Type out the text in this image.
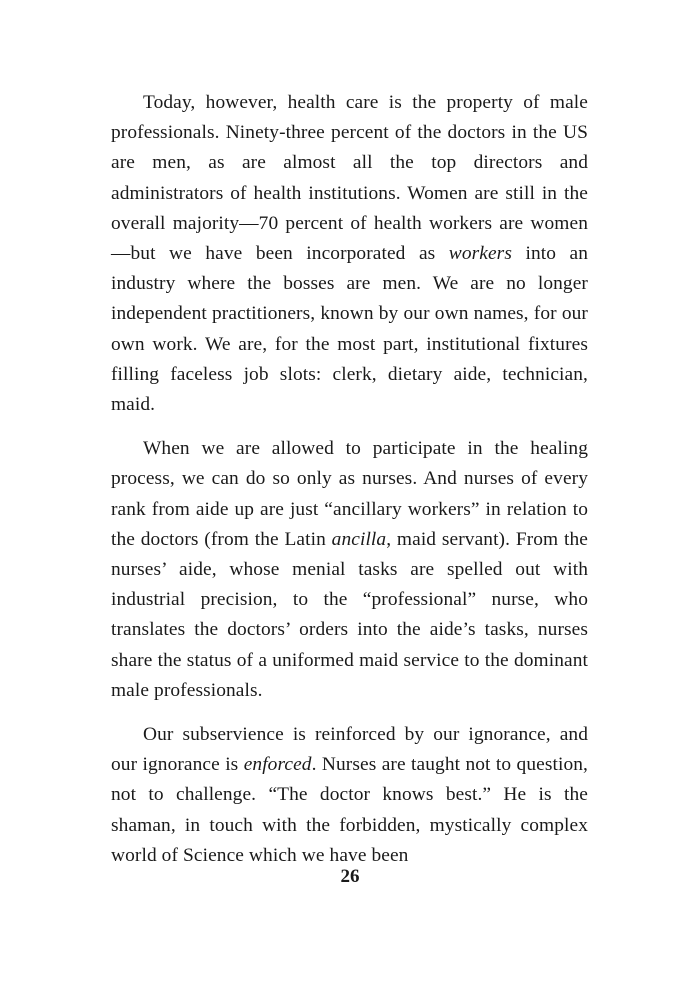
Today, however, health care is the property of male professionals. Ninety-three percent of the doctors in the US are men, as are almost all the top directors and administrators of health institutions. Women are still in the overall majority—70 percent of health workers are women—but we have been incorporated as workers into an industry where the bosses are men. We are no longer independent practitioners, known by our own names, for our own work. We are, for the most part, institutional fixtures filling faceless job slots: clerk, dietary aide, technician, maid.

When we are allowed to participate in the healing process, we can do so only as nurses. And nurses of every rank from aide up are just “ancillary workers” in relation to the doctors (from the Latin ancilla, maid servant). From the nurses’ aide, whose menial tasks are spelled out with industrial precision, to the “professional” nurse, who translates the doctors’ orders into the aide’s tasks, nurses share the status of a uniformed maid service to the dominant male professionals.

Our subservience is reinforced by our ignorance, and our ignorance is enforced. Nurses are taught not to question, not to challenge. “The doctor knows best.” He is the shaman, in touch with the forbidden, mystically complex world of Science which we have been

26
